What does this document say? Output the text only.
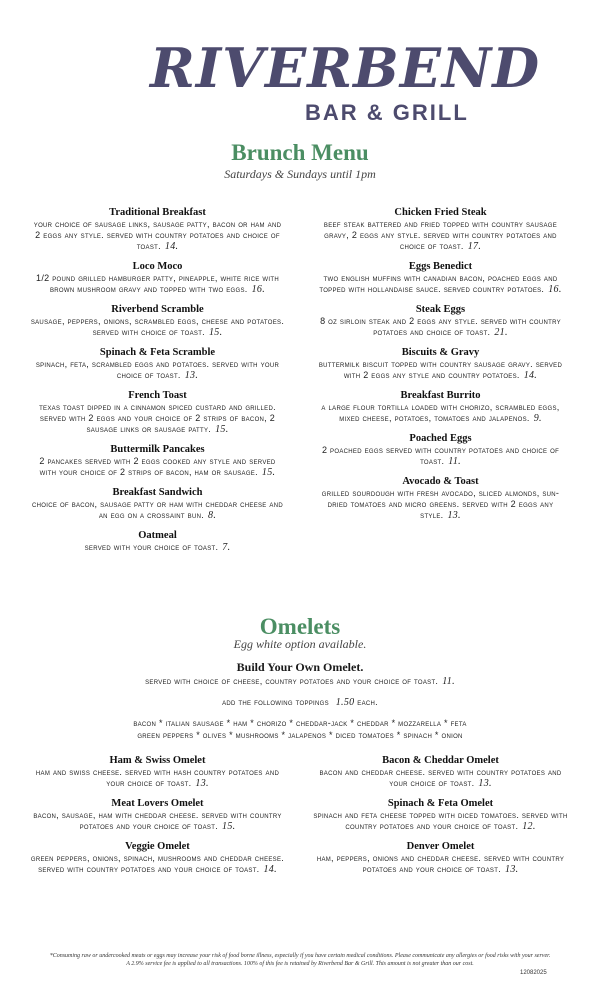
RIVERBEND
BAR & GRILL
Brunch Menu
Saturdays & Sundays until 1pm
Traditional Breakfast
your choice of sausage links, sausage patty, bacon or ham and 2 eggs any style. served with country potatoes and choice of toast. 14.
Loco Moco
1/2 pound grilled hamburger patty, pineapple, white rice with brown mushroom gravy and topped with two eggs. 16.
Riverbend Scramble
sausage, peppers, onions, scrambled eggs, cheese and potatoes. served with choice of toast. 15.
Spinach & Feta Scramble
spinach, feta, scrambled eggs and potatoes. served with your choice of toast. 13.
French Toast
texas toast dipped in a cinnamon spiced custard and grilled. served with 2 eggs and your choice of 2 strips of bacon, 2 sausage links or sausage patty. 15.
Buttermilk Pancakes
2 pancakes served with 2 eggs cooked any style and served with your choice of 2 strips of bacon, ham or sausage. 15.
Breakfast Sandwich
choice of bacon, sausage patty or ham with cheddar cheese and an egg on a crossaint bun. 8.
Oatmeal
served with your choice of toast. 7.
Chicken Fried Steak
beef steak battered and fried topped with country sausage gravy, 2 eggs any style. served with country potatoes and choice of toast. 17.
Eggs Benedict
two english muffins with canadian bacon, poached eggs and topped with hollandaise sauce. served country potatoes. 16.
Steak Eggs
8 oz sirloin steak and 2 eggs any style. served with country potatoes and choice of toast. 21.
Biscuits & Gravy
buttermilk biscuit topped with country sausage gravy. served with 2 eggs any style and country potatoes. 14.
Breakfast Burrito
a large flour tortilla loaded with chorizo, scrambled eggs, mixed cheese, potatoes, tomatoes and jalapenos. 9.
Poached Eggs
2 poached eggs served with country potatoes and choice of toast. 11.
Avocado & Toast
grilled sourdough with fresh avocado, sliced almonds, sun-dried tomatoes and micro greens. served with 2 eggs any style. 13.
Omelets
Egg white option available.
Build Your Own Omelet.
served with choice of cheese, country potatoes and your choice of toast. 11.
add the following toppings 1.50 each.
bacon * italian sausage * ham * chorizo * cheddar-jack * cheddar * mozzarella * feta
green peppers * olives * mushrooms * jalapenos * diced tomatoes * spinach * onion
Ham & Swiss Omelet
ham and swiss cheese. served with hash country potatoes and your choice of toast. 13.
Meat Lovers Omelet
bacon, sausage, ham with cheddar cheese. served with country potatoes and your choice of toast. 15.
Veggie Omelet
green peppers, onions, spinach, mushrooms and cheddar cheese. served with country potatoes and your choice of toast. 14.
Bacon & Cheddar Omelet
bacon and cheddar cheese. served with country potatoes and your choice of toast. 13.
Spinach & Feta Omelet
spinach and feta cheese topped with diced tomatoes. served with country potatoes and your choice of toast. 12.
Denver Omelet
ham, peppers, onions and cheddar cheese. served with country potatoes and your choice of toast. 13.
*Consuming raw or undercooked meats or eggs may increase your risk of food borne illness, especially if you have certain medical conditions. Please communicate any allergies or food risks with your server.
A 2.9% service fee is applied to all transactions. 100% of this fee is retained by Riverbend Bar & Grill. This amount is not greater than our cost.
12082025
